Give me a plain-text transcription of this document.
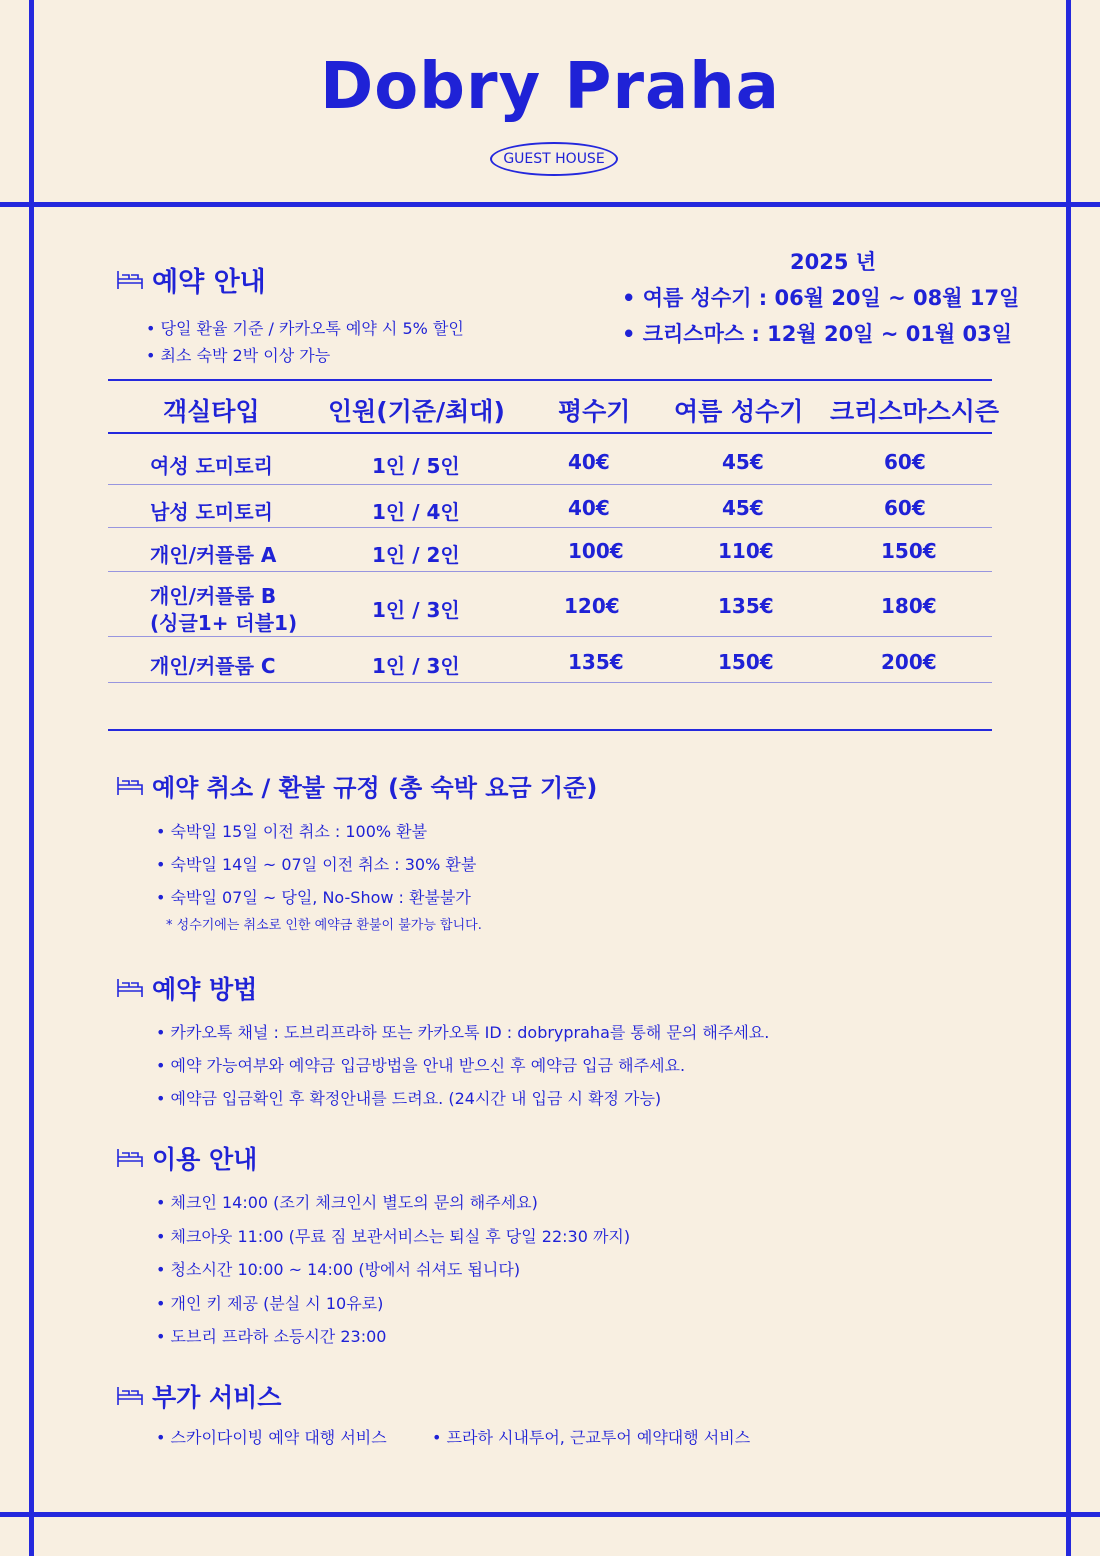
Dobry Praha
GUEST HOUSE
예약 안내
• 당일 환율 기준 / 카카오톡 예약 시 5% 할인
• 최소 숙박 2박 이상 가능
2025 년
• 여름 성수기 : 06월 20일 ~ 08월 17일
• 크리스마스 : 12월 20일 ~ 01월 03일
객실타입	인원(기준/최대) 평수기 여름 성수기 크리스마스시즌
여성 도미토리	1인 / 5인	40€	45€	60€
남성 도미토리	1인 / 4인	40€	45€	60€
개인/커플룸 A	1인 / 2인	100€	110€	150€
개인/커플룸 B
(싱글1+ 더블1)
1인 / 3인	120€	135€	180€
개인/커플룸 C	1인 / 3인	135€	150€	200€
예약 취소 / 환불 규정 (총 숙박 요금 기준)
• 숙박일 15일 이전 취소 : 100% 환불
• 숙박일 14일 ~ 07일 이전 취소 : 30% 환불
• 숙박일 07일 ~ 당일, No-Show : 환불불가
* 성수기에는 취소로 인한 예약금 환불이 불가능 합니다.
예약 방법
• 카카오톡 채널 : 도브리프라하 또는 카카오톡 ID : dobrypraha를 통해 문의 해주세요.
• 예약 가능여부와 예약금 입금방법을 안내 받으신 후 예약금 입금 해주세요.
• 예약금 입금확인 후 확정안내를 드려요. (24시간 내 입금 시 확정 가능)
이용 안내
• 체크인 14:00 (조기 체크인시 별도의 문의 해주세요)
• 체크아웃 11:00 (무료 짐 보관서비스는 퇴실 후 당일 22:30 까지)
• 청소시간 10:00 ~ 14:00 (방에서 쉬셔도 됩니다)
• 개인 키 제공 (분실 시 10유로)
• 도브리 프라하 소등시간 23:00
부가 서비스
• 스카이다이빙 예약 대행 서비스
•	프라하 시내투어, 근교투어 예약대행 서비스
